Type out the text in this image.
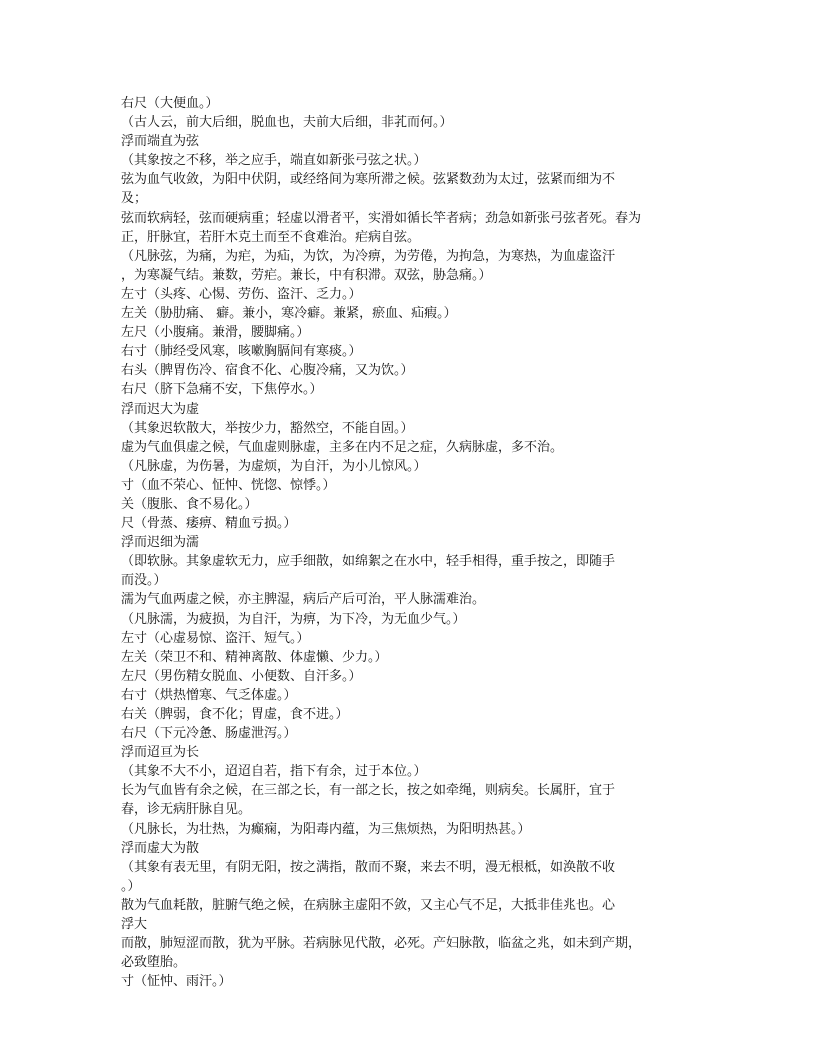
右尺（大便血。）
（古人云，前大后细，脱血也，夫前大后细，非芤而何。）
浮而端直为弦
（其象按之不移，举之应手，端直如新张弓弦之状。）
弦为血气收敛，为阳中伏阴，或经络间为寒所滞之候。弦紧数劲为太过，弦紧而细为不
及；
弦而软病轻，弦而硬病重；轻虚以滑者平，实滑如循长竿者病；劲急如新张弓弦者死。春为
正，肝脉宜，若肝木克土而至不食难治。疟病自弦。
（凡脉弦，为痛，为疟，为疝，为饮，为冷痹，为劳倦，为拘急，为寒热，为血虚盗汗
，为寒凝气结。兼数，劳疟。兼长，中有积滞。双弦，胁急痛。）
左寸（头疼、心惕、劳伤、盗汗、乏力。）
左关（胁肋痛、 癖。兼小，寒冷癖。兼紧，瘀血、疝瘕。）
左尺（小腹痛。兼滑，腰脚痛。）
右寸（肺经受风寒，咳嗽胸膈间有寒痰。）
右头（脾胃伤冷、宿食不化、心腹冷痛，又为饮。）
右尺（脐下急痛不安，下焦停水。）
浮而迟大为虚
（其象迟软散大，举按少力，豁然空，不能自固。）
虚为气血俱虚之候，气血虚则脉虚，主多在内不足之症，久病脉虚，多不治。
（凡脉虚，为伤暑，为虚烦，为自汗，为小儿惊风。）
寸（血不荣心、怔忡、恍惚、惊悸。）
关（腹胀、食不易化。）
尺（骨蒸、痿痹、精血亏损。）
浮而迟细为濡
（即软脉。其象虚软无力，应手细散，如绵絮之在水中，轻手相得，重手按之，即随手
而没。）
濡为气血两虚之候，亦主脾湿，病后产后可治，平人脉濡难治。
（凡脉濡，为疲损，为自汗，为痹，为下冷，为无血少气。）
左寸（心虚易惊、盗汗、短气。）
左关（荣卫不和、精神离散、体虚懒、少力。）
左尺（男伤精女脱血、小便数、自汗多。）
右寸（烘热憎寒、气乏体虚。）
右关（脾弱，食不化；胃虚，食不进。）
右尺（下元冷惫、肠虚泄泻。）
浮而迢亘为长
（其象不大不小，迢迢自若，指下有余，过于本位。）
长为气血皆有余之候，在三部之长，有一部之长，按之如牵绳，则病矣。长属肝，宜于
春，诊无病肝脉自见。
（凡脉长，为壮热，为癫痫，为阳毒内蕴，为三焦烦热，为阳明热甚。）
浮而虚大为散
（其象有表无里，有阴无阳，按之满指，散而不聚，来去不明，漫无根柢，如涣散不收
。）
散为气血耗散，脏腑气绝之候，在病脉主虚阳不敛，又主心气不足，大抵非佳兆也。心
浮大
而散，肺短涩而散，犹为平脉。若病脉见代散，必死。产妇脉散，临盆之兆，如未到产期，
必致堕胎。
寸（怔忡、雨汗。）
